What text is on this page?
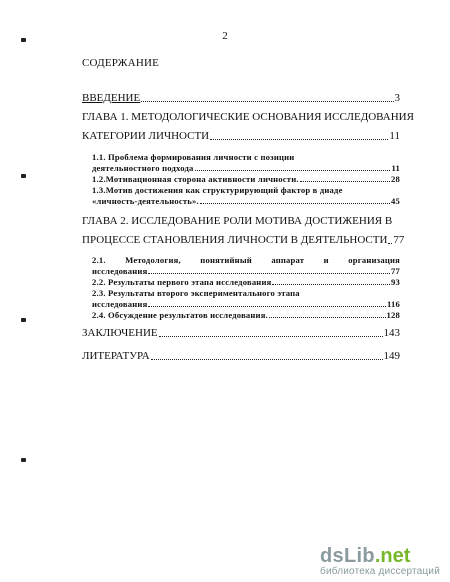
2
СОДЕРЖАНИЕ
ВВЕДЕНИЕ	3
ГЛАВА 1. МЕТОДОЛОГИЧЕСКИЕ ОСНОВАНИЯ ИССЛЕДОВАНИЯ
КАТЕГОРИИ ЛИЧНОСТИ	11
1.1. Проблема формирования личности с позиции
деятельностного подхода	11
1.2.Мотивационная сторона активности личности.	28
1.3.Мотив достижения как структурирующий фактор в диаде
«личность-деятельность».	45
ГЛАВА 2. ИССЛЕДОВАНИЕ РОЛИ МОТИВА ДОСТИЖЕНИЯ В
ПРОЦЕССЕ СТАНОВЛЕНИЯ ЛИЧНОСТИ В ДЕЯТЕЛЬНОСТИ 77
2.1. Методология, понятийный аппарат и организация
исследования	77
2.2. Результаты первого этапа исследования	93
2.3. Результаты второго экспериментального этапа
исследования	116
2.4. Обсуждение результатов исследования.	128
ЗАКЛЮЧЕНИЕ	143
ЛИТЕРАТУРА	149
dsLib .net
библиотека диссертаций
